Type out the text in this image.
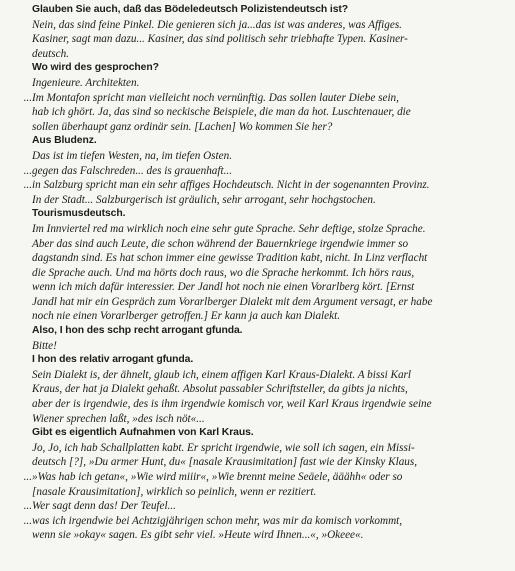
Glauben Sie auch, daß das Bödeledeutsch Polizistendeutsch ist?
Nein, das sind feine Pinkel. Die genieren sich ja...das ist was anderes, was Affiges.
Kasiner, sagt man dazu... Kasiner, das sind politisch sehr triebhafte Typen. Kasiner-
deutsch.
Wo wird des gesprochen?
Ingenieure. Architekten.
... Im Montafon spricht man vielleicht noch vernünftig. Das sollen lauter Diebe sein,
hab ich ghört. Ja, das sind so neckische Beispiele, die man da hot. Luschtenauer, die
sollen überhaupt ganz ordinär sein. [Lachen] Wo kommen Sie her?
Aus Bludenz.
Das ist im tiefen Westen, na, im tiefen Osten.
... gegen das Falschreden... des is grauenhaft...
... in Salzburg spricht man ein sehr affiges Hochdeutsch. Nicht in der sogenannten Provinz.
In der Stadt... Salzburgerisch ist gräulich, sehr arrogant, sehr hochgstochen.
Tourismusdeutsch.
Im Innviertel red ma wirklich noch eine sehr gute Sprache. Sehr deftige, stolze Sprache.
Aber das sind auch Leute, die schon während der Bauernkriege irgendwie immer so
dagstandn sind. Es hat schon immer eine gewisse Tradition kabt, nicht. In Linz verflacht
die Sprache auch. Und ma hörts doch raus, wo die Sprache herkommt. Ich hörs raus,
wenn ich mich dafür interessier. Der Jandl hot noch nie einen Vorarlberg kört. [Ernst
Jandl hat mir ein Gespräch zum Vorarlberger Dialekt mit dem Argument versagt, er habe
noch nie einen Vorarlberger getroffen.] Er kann ja auch kan Dialekt.
Also, I hon des schp recht arrogant gfunda.
Bitte!
I hon des relativ arrogant gfunda.
Sein Dialekt is, der ähnelt, glaub ich, einem affigen Karl Kraus-Dialekt. A bissi Karl
Kraus, der hat ja Dialekt gehaßt. Absolut passabler Schriftsteller, da gibts ja nichts,
aber der is irgendwie, des is ihm irgendwie komisch vor, weil Karl Kraus irgendwie seine
Wiener sprechen laßt, »des isch nöt«...
Gibt es eigentlich Aufnahmen von Karl Kraus.
Jo, Jo, ich hab Schallplatten kabt. Er spricht irgendwie, wie soll ich sagen, ein Missi-
deutsch [?], »Du armer Hunt, du« [nasale Krausimitation] fast wie der Kinsky Klaus,
... »Was hab ich getan«, »Wie wird miiir«, »Wie brennt meine Seäele, ääähh« oder so
[nasale Krausimitation], wirklich so peinlich, wenn er rezitiert.
... Wer sagt denn das! Der Teufel...
... was ich irgendwie bei Achtzigjährigen schon mehr, was mir da komisch vorkommt,
wenn sie »okay« sagen. Es gibt sehr viel. »Heute wird Ihnen...«, »Okeee«.
